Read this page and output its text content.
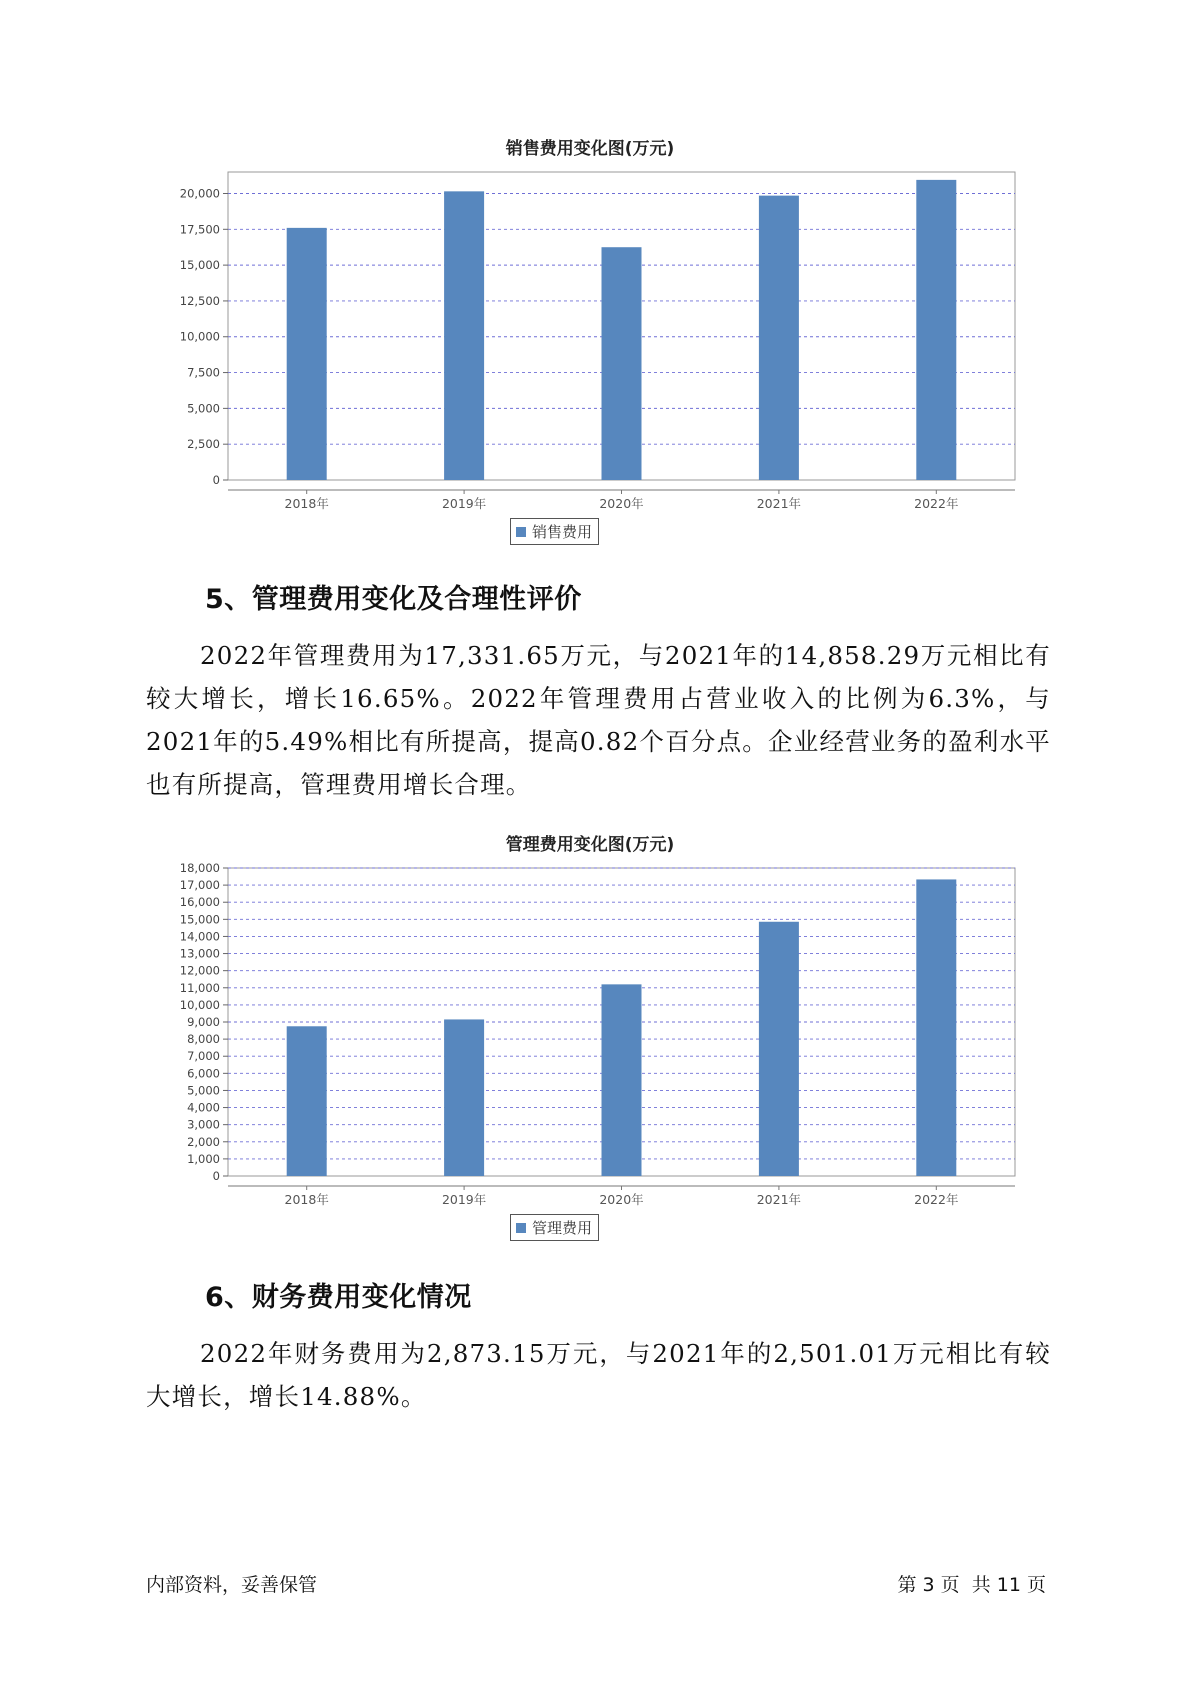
销售费用变化图(万元)
0
2,500
5,000
7,500
10,000
12,500
15,000
17,500
20,000
2018年	2019年	2020年	2021年	2022年
销售费用
5、管理费用变化及合理性评价

2022年管理费用为17,331.65万元，与2021年的14,858.29万元相比有较大增长，增长16.65%。2022年管理费用占营业收入的比例为6.3%，与2021年的5.49%相比有所提高，提高0.82个百分点。企业经营业务的盈利水平也有所提高，管理费用增长合理。

管理费用变化图(万元)
0
1,000
2,000
3,000
4,000
5,000
6,000
7,000
8,000
9,000
10,000
11,000
12,000
13,000
14,000
15,000
16,000
17,000
18,000
2018年	2019年	2020年	2021年	2022年
管理费用
6、财务费用变化情况

2022年财务费用为2,873.15万元，与2021年的2,501.01万元相比有较大增长，增长14.88%。

内部资料，妥善保管	第 3 页  共 11 页
